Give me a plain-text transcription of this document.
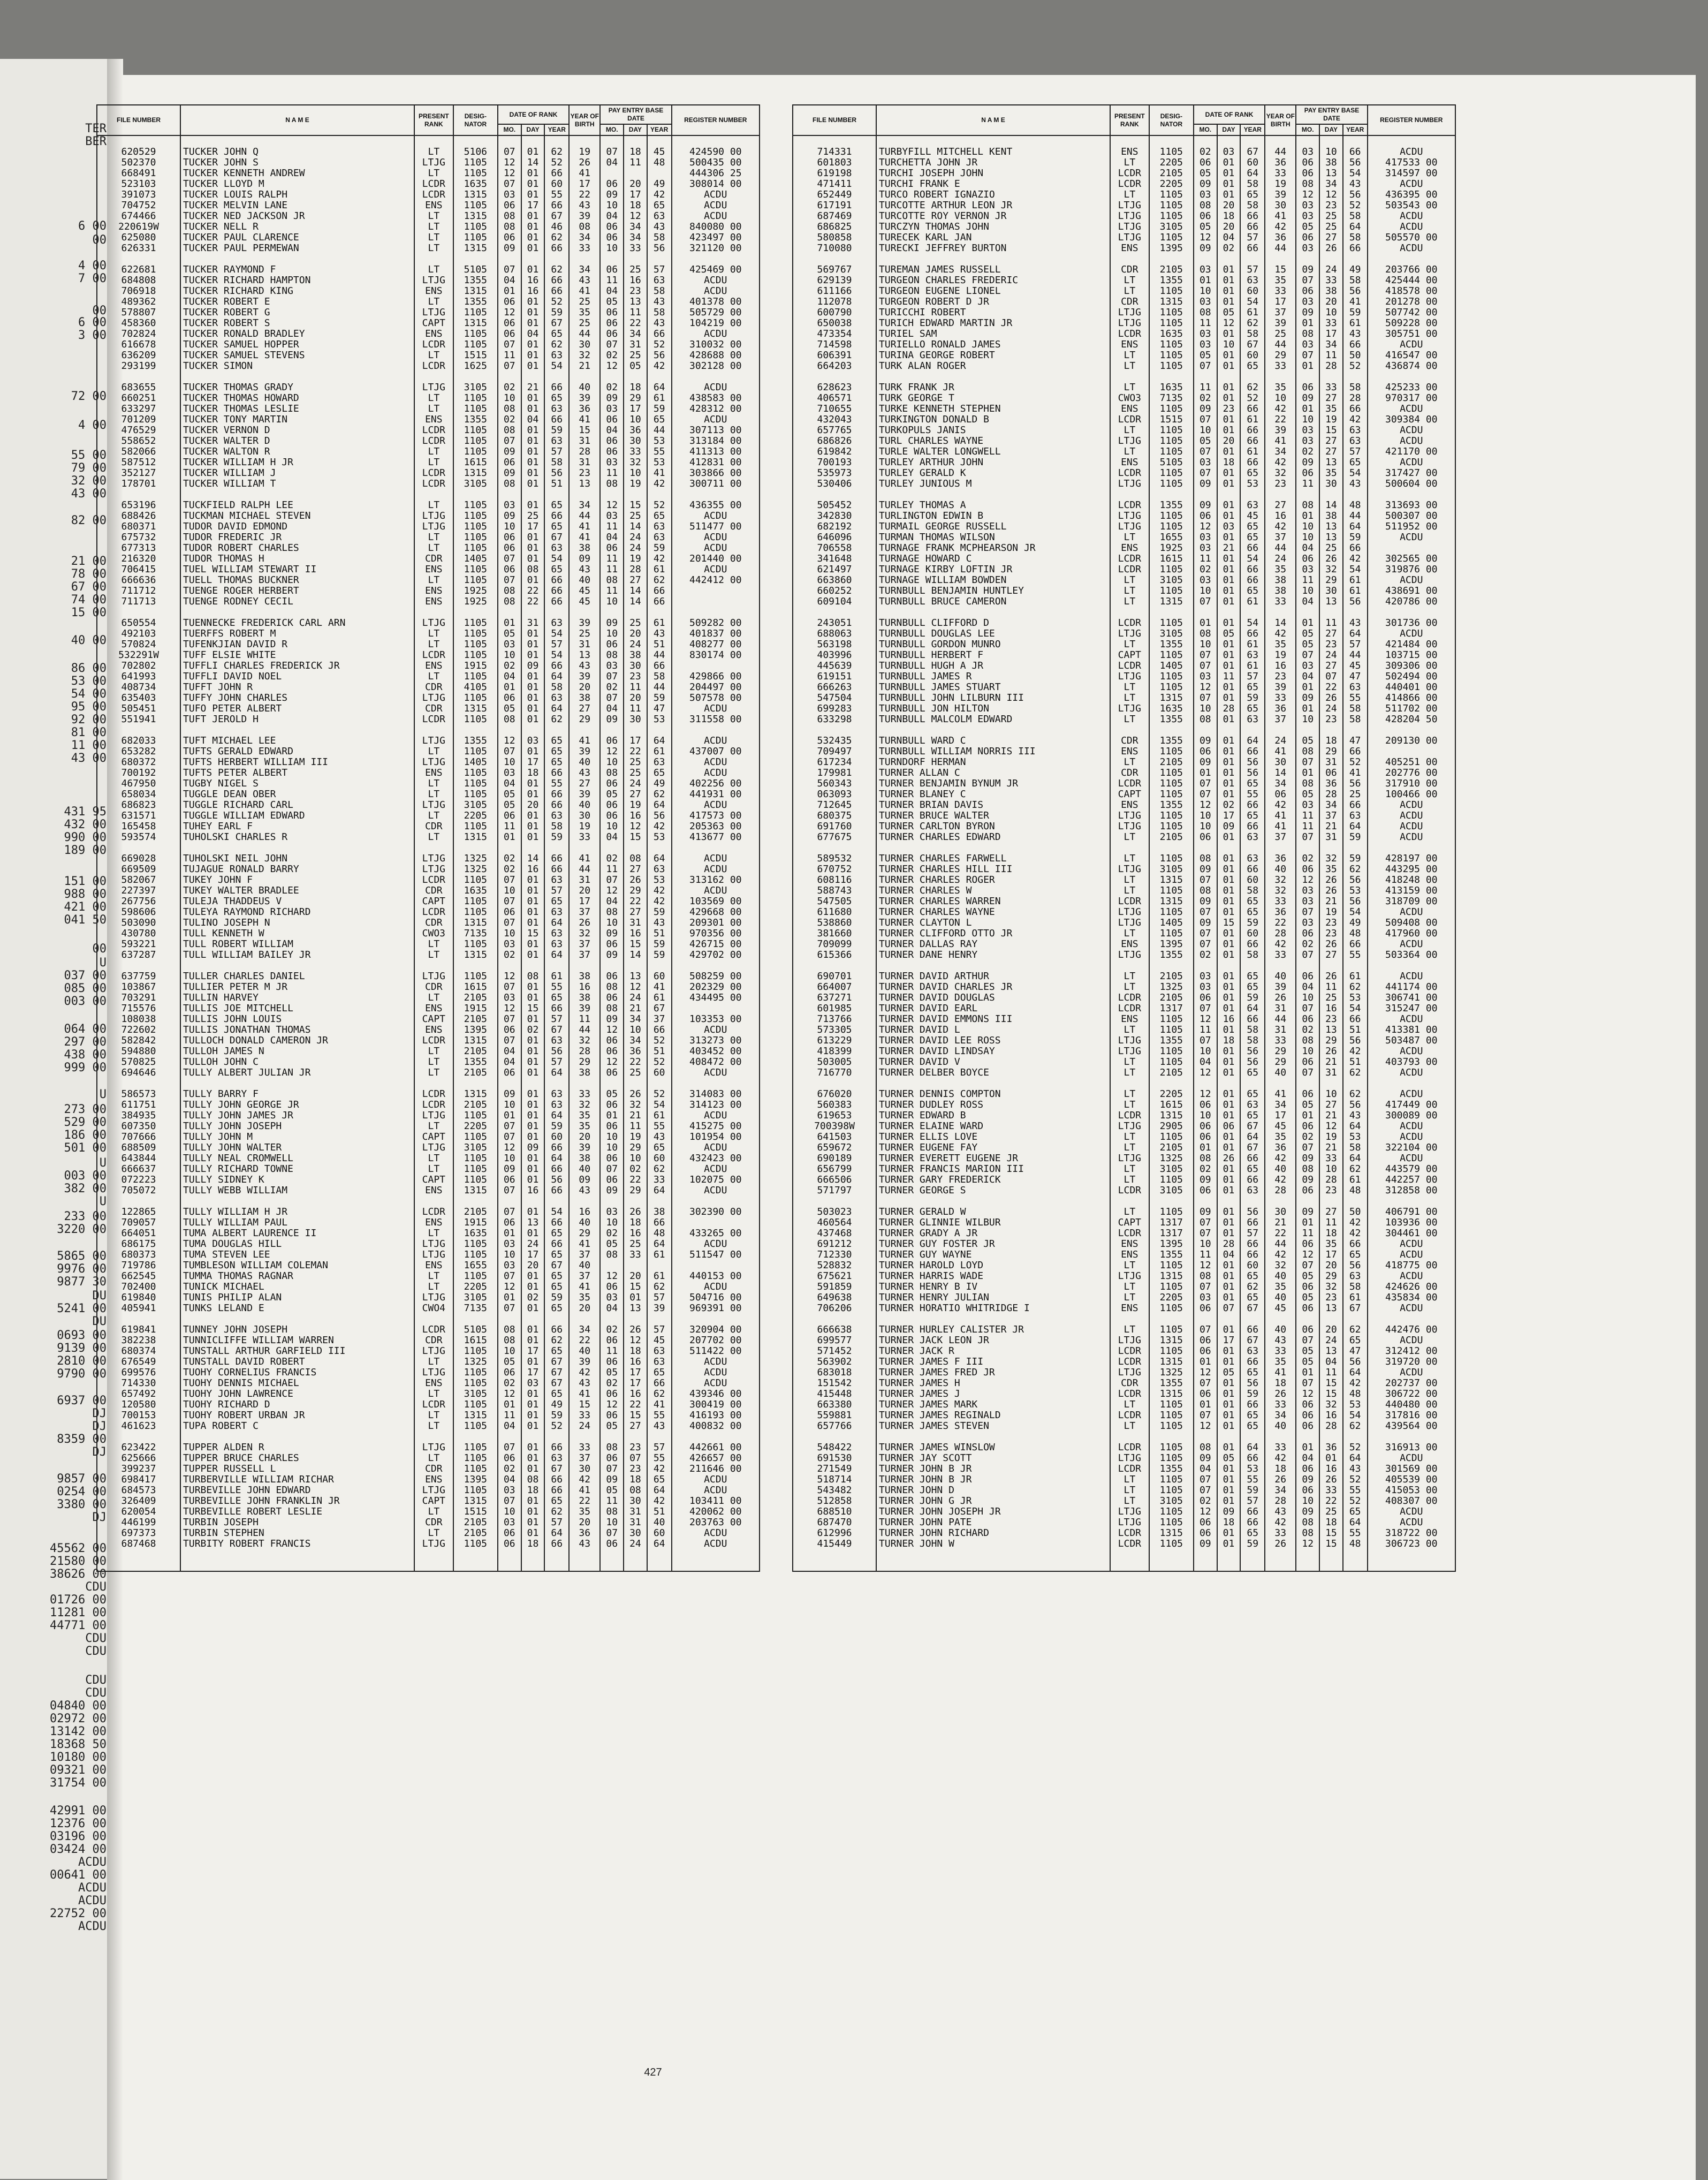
TER
BER
6 00
00
4 00
7 00
00
6 00
3 00
72 00
4 00
55 00
79 00
32 00
43 00
82 00
21 00
78 00
67 00
74 00
15 00
40 00
86 00
53 00
54 00
95 00
92 00
81 00
11 00
43 00
431 95
432 00
990 00
189 00
151 00
988 00
421 00
041 50
00
U
037 00
085 00
003 00
064 00
297 00
438 00
999 00
U
273 00
529 00
186 00
501 00
U
003 00
382 00
U
233 00
3220 00
5865 00
9976 00
9877 30
DU
5241 00
DU
0693 00
9139 00
2810 00
9790 00
6937 00
DJ
DJ
8359 00
DJ
9857 00
0254 00
3380 00
DJ
45562 00
21580 00
38626 00
CDU
01726 00
11281 00
44771 00
CDU
CDU
CDU
CDU
04840 00
02972 00
13142 00
18368 50
10180 00
09321 00
31754 00
42991 00
12376 00
03196 00
03424 00
ACDU
00641 00
ACDU
ACDU
22752 00
ACDU
FILE NUMBER	N A M E	PRESENT RANK	DESIG- NATOR	DATE OF RANK			YEAR OF BIRTH	PAY ENTRY BASE DATE			REGISTER NUMBER
				MO.	DAY	YEAR		MO.	DAY	YEAR	

620529	TUCKER JOHN Q	LT	5106	07	01	62	19	07	18	45	424590 00
502370	TUCKER JOHN S	LTJG	1105	12	14	52	26	04	11	48	500435 00
668491	TUCKER KENNETH ANDREW	LT	1105	12	01	66	41				444306 25
523103	TUCKER LLOYD M	LCDR	1635	07	01	60	17	06	20	49	308014 00
391073	TUCKER LOUIS RALPH	LCDR	1315	03	01	55	22	09	17	42	ACDU
704752	TUCKER MELVIN LANE	ENS	1105	06	17	66	43	10	18	65	ACDU
674466	TUCKER NED JACKSON JR	LT	1315	08	01	67	39	04	12	63	ACDU
220619W	TUCKER NELL R	LT	1105	08	01	46	08	06	34	43	840080 00
625080	TUCKER PAUL CLARENCE	LT	1105	06	01	62	34	06	34	58	423497 00
626331	TUCKER PAUL PERMEWAN	LT	1315	09	01	66	33	10	33	56	321120 00

622681	TUCKER RAYMOND F	LT	5105	07	01	62	34	06	25	57	425469 00
684808	TUCKER RICHARD HAMPTON	LTJG	1355	04	16	66	43	11	16	63	ACDU
706918	TUCKER RICHARD KING	ENS	1315	01	16	66	41	04	23	58	ACDU
489362	TUCKER ROBERT E	LT	1355	06	01	52	25	05	13	43	401378 00
578807	TUCKER ROBERT G	LTJG	1105	12	01	59	35	06	11	58	505729 00
458360	TUCKER ROBERT S	CAPT	1315	06	01	67	25	06	22	43	104219 00
702824	TUCKER RONALD BRADLEY	ENS	1105	06	04	65	44	06	34	66	ACDU
616678	TUCKER SAMUEL HOPPER	LCDR	1105	07	01	62	30	07	31	52	310032 00
636209	TUCKER SAMUEL STEVENS	LT	1515	11	01	63	32	02	25	56	428688 00
293199	TUCKER SIMON	LCDR	1625	07	01	54	21	12	05	42	302128 00

683655	TUCKER THOMAS GRADY	LTJG	3105	02	21	66	40	02	18	64	ACDU
660251	TUCKER THOMAS HOWARD	LT	1105	10	01	65	39	09	29	61	438583 00
633297	TUCKER THOMAS LESLIE	LT	1105	08	01	63	36	03	17	59	428312 00
701209	TUCKER TONY MARTIN	ENS	1355	02	04	66	41	06	10	65	ACDU
476529	TUCKER VERNON D	LCDR	1105	08	01	59	15	04	36	44	307113 00
558652	TUCKER WALTER D	LCDR	1105	07	01	63	31	06	30	53	313184 00
582066	TUCKER WALTON R	LT	1105	09	01	57	28	06	33	55	411313 00
587512	TUCKER WILLIAM H JR	LT	1615	06	01	58	31	03	32	53	412831 00
352127	TUCKER WILLIAM J	LCDR	1315	09	01	56	23	11	10	41	303866 00
178701	TUCKER WILLIAM T	LCDR	3105	08	01	51	13	08	19	42	300711 00

653196	TUCKFIELD RALPH LEE	LT	1105	03	01	65	34	12	15	52	436355 00
688426	TUCKMAN MICHAEL STEVEN	LTJG	1105	09	25	66	44	03	25	65	ACDU
680371	TUDOR DAVID EDMOND	LTJG	1105	10	17	65	41	11	14	63	511477 00
675732	TUDOR FREDERIC JR	LT	1105	06	01	67	41	04	24	63	ACDU
677313	TUDOR ROBERT CHARLES	LT	1105	06	01	63	38	06	24	59	ACDU
216320	TUDOR THOMAS H	CDR	1405	07	01	54	09	11	19	42	201440 00
706415	TUEL WILLIAM STEWART II	ENS	1105	06	08	65	43	11	28	61	ACDU
666636	TUELL THOMAS BUCKNER	LT	1105	07	01	66	40	08	27	62	442412 00
711712	TUENGE ROGER HERBERT	ENS	1925	08	22	66	45	11	14	66	
711713	TUENGE RODNEY CECIL	ENS	1925	08	22	66	45	10	14	66	

650554	TUENNECKE FREDERICK CARL ARN	LTJG	1105	01	31	63	39	09	25	61	509282 00
492103	TUERFFS ROBERT M	LT	1105	05	01	54	25	10	20	43	401837 00
570824	TUFENKJIAN DAVID R	LT	1105	03	01	57	31	06	24	51	408277 00
532291W	TUFF ELSIE WHITE	LCDR	1105	10	01	54	13	08	38	44	830174 00
702802	TUFFLI CHARLES FREDERICK JR	ENS	1915	02	09	66	43	03	30	66	
641993	TUFFLI DAVID NOEL	LT	1105	04	01	64	39	07	23	58	429866 00
408734	TUFFT JOHN R	CDR	4105	01	01	58	20	02	11	44	204497 00
635403	TUFFY JOHN CHARLES	LTJG	1105	06	01	63	38	07	20	59	507578 00
505451	TUFO PETER ALBERT	CDR	1315	05	01	64	27	04	11	47	ACDU
551941	TUFT JEROLD H	LCDR	1105	08	01	62	29	09	30	53	311558 00

682033	TUFT MICHAEL LEE	LTJG	1355	12	03	65	41	06	17	64	ACDU
653282	TUFTS GERALD EDWARD	LT	1105	07	01	65	39	12	22	61	437007 00
680372	TUFTS HERBERT WILLIAM III	LTJG	1405	10	17	65	40	10	25	63	ACDU
700192	TUFTS PETER ALBERT	ENS	1105	03	18	66	43	08	25	65	ACDU
467950	TUGBY NIGEL S	LT	1105	04	01	55	27	06	24	49	402256 00
658034	TUGGLE DEAN OBER	LT	1105	05	01	66	39	05	27	62	441931 00
686823	TUGGLE RICHARD CARL	LTJG	3105	05	20	66	40	06	19	64	ACDU
631571	TUGGLE WILLIAM EDWARD	LT	2205	06	01	63	30	06	16	56	417573 00
165458	TUHEY EARL F	CDR	1105	11	01	58	19	10	12	42	205363 00
593574	TUHOLSKI CHARLES R	LT	1315	01	01	59	33	04	15	53	413677 00

669028	TUHOLSKI NEIL JOHN	LTJG	1325	02	14	66	41	02	08	64	ACDU
669509	TUJAGUE RONALD BARRY	LTJG	1325	02	16	66	44	11	27	63	ACDU
582067	TUKEY JOHN F	LCDR	1105	07	01	63	31	07	26	53	313162 00
227397	TUKEY WALTER BRADLEE	CDR	1635	10	01	57	20	12	29	42	ACDU
267756	TULEJA THADDEUS V	CAPT	1105	07	01	65	17	04	22	42	103569 00
598606	TULEYA RAYMOND RICHARD	LCDR	1105	06	01	63	37	08	27	59	429668 00
503090	TULINO JOSEPH N	CDR	1315	07	01	64	26	10	31	43	209301 00
430780	TULL KENNETH W	CWO3	7135	10	15	63	32	09	16	51	970356 00
593221	TULL ROBERT WILLIAM	LT	1105	03	01	63	37	06	15	59	426715 00
637287	TULL WILLIAM BAILEY JR	LT	1315	02	01	64	37	09	14	59	429702 00

637759	TULLER CHARLES DANIEL	LTJG	1105	12	08	61	38	06	13	60	508259 00
103867	TULLIER PETER M JR	CDR	1615	07	01	55	16	08	12	41	202329 00
703291	TULLIN HARVEY	LT	2105	03	01	65	38	06	24	61	434495 00
715576	TULLIS JOE MITCHELL	ENS	1915	12	15	66	39	08	21	67	
108038	TULLIS JOHN LOUIS	CAPT	2105	07	01	57	11	09	34	37	103353 00
722602	TULLIS JONATHAN THOMAS	ENS	1395	06	02	67	44	12	10	66	ACDU
582842	TULLOCH DONALD CAMERON JR	LCDR	1315	07	01	63	32	06	34	52	313273 00
594880	TULLOH JAMES N	LT	2105	04	01	56	28	06	36	51	403452 00
570825	TULLOH JOHN C	LT	1355	04	01	57	29	12	22	52	408472 00
694646	TULLY ALBERT JULIAN JR	LT	2105	06	01	64	38	06	25	60	ACDU

586573	TULLY BARRY F	LCDR	1315	09	01	63	33	05	26	52	314083 00
611751	TULLY JOHN GEORGE JR	LCDR	2105	10	01	63	32	06	32	54	314123 00
384935	TULLY JOHN JAMES JR	LTJG	1105	01	01	64	35	01	21	61	ACDU
607350	TULLY JOHN JOSEPH	LT	2205	07	01	59	35	06	11	55	415275 00
707666	TULLY JOHN M	CAPT	1105	07	01	60	20	10	19	43	101954 00
688509	TULLY JOHN WALTER	LTJG	3105	12	09	66	39	10	29	65	ACDU
643844	TULLY NEAL CROMWELL	LT	1105	10	01	64	38	06	10	60	432423 00
666637	TULLY RICHARD TOWNE	LT	1105	09	01	66	40	07	02	62	ACDU
072223	TULLY SIDNEY K	CAPT	1105	06	01	56	09	06	22	33	102075 00
705072	TULLY WEBB WILLIAM	ENS	1315	07	16	66	43	09	29	64	ACDU

122865	TULLY WILLIAM H JR	LCDR	2105	07	01	54	16	03	26	38	302390 00
709057	TULLY WILLIAM PAUL	ENS	1915	06	13	66	40	10	18	66	
664051	TUMA ALBERT LAURENCE II	LT	1635	01	01	65	29	02	16	48	433265 00
686175	TUMA DOUGLAS HILL	LTJG	1105	03	24	66	41	05	25	64	ACDU
680373	TUMA STEVEN LEE	LTJG	1105	10	17	65	37	08	33	61	511547 00
719786	TUMBLESON WILLIAM COLEMAN	ENS	1655	03	20	67	40				
662545	TUMMA THOMAS RAGNAR	LT	1105	07	01	65	37	12	20	61	440153 00
702400	TUNICK MICHAEL	LT	2205	12	01	65	41	06	15	62	ACDU
619840	TUNIS PHILIP ALAN	LTJG	3105	01	02	59	35	03	01	57	504716 00
405941	TUNKS LELAND E	CWO4	7135	07	01	65	20	04	13	39	969391 00

619841	TUNNEY JOHN JOSEPH	LCDR	5105	08	01	66	34	02	26	57	320904 00
382238	TUNNICLIFFE WILLIAM WARREN	CDR	1615	08	01	62	22	06	12	45	207702 00
680374	TUNSTALL ARTHUR GARFIELD III	LTJG	1105	10	17	65	40	11	18	63	511422 00
676549	TUNSTALL DAVID ROBERT	LT	1325	05	01	67	39	06	16	63	ACDU
699576	TUOHY CORNELIUS FRANCIS	LTJG	1105	06	17	67	42	05	17	65	ACDU
714330	TUOHY DENNIS MICHAEL	ENS	1105	02	03	67	43	02	17	66	ACDU
657492	TUOHY JOHN LAWRENCE	LT	3105	12	01	65	41	06	16	62	439346 00
120580	TUOHY RICHARD D	LCDR	1105	01	01	49	15	12	22	41	300419 00
700153	TUOHY ROBERT URBAN JR	LT	1315	11	01	59	33	06	15	55	416193 00
461623	TUPA ROBERT C	LT	1105	04	01	52	24	05	27	43	400832 00

623422	TUPPER ALDEN R	LTJG	1105	07	01	66	33	08	23	57	442661 00
625666	TUPPER BRUCE CHARLES	LT	1105	06	01	63	37	06	07	55	426657 00
399237	TUPPER RUSSELL L	CDR	1105	02	01	67	30	07	23	42	211646 00
698417	TURBERVILLE WILLIAM RICHAR	ENS	1395	04	08	66	42	09	18	65	ACDU
684573	TURBEVILLE JOHN EDWARD	LTJG	1105	03	18	66	41	05	08	64	ACDU
326409	TURBEVILLE JOHN FRANKLIN JR	CAPT	1315	07	01	65	22	11	30	42	103411 00
620054	TURBEVILLE ROBERT LESLIE	LT	1515	10	01	62	35	08	31	51	420062 00
446199	TURBIN JOSEPH	CDR	2105	03	01	57	20	10	31	40	203763 00
697373	TURBIN STEPHEN	LT	2105	06	01	64	36	07	30	60	ACDU
687468	TURBITY ROBERT FRANCIS	LTJG	1105	06	18	66	43	06	24	64	ACDU

FILE NUMBER	N A M E	PRESENT RANK	DESIG- NATOR	DATE OF RANK			YEAR OF BIRTH	PAY ENTRY BASE DATE			REGISTER NUMBER
				MO.	DAY	YEAR		MO.	DAY	YEAR	

714331	TURBYFILL MITCHELL KENT	ENS	1105	02	03	67	44	03	10	66	ACDU
601803	TURCHETTA JOHN JR	LT	2205	06	01	60	36	06	38	56	417533 00
619198	TURCHI JOSEPH JOHN	LCDR	2105	05	01	64	33	06	13	54	314597 00
471411	TURCHI FRANK E	LCDR	2205	09	01	58	19	08	34	43	ACDU
652449	TURCO ROBERT IGNAZIO	LT	1105	03	01	65	39	12	12	56	436395 00
617191	TURCOTTE ARTHUR LEON JR	LTJG	1105	08	20	58	30	03	23	52	503543 00
687469	TURCOTTE ROY VERNON JR	LTJG	1105	06	18	66	41	03	25	58	ACDU
686825	TURCZYN THOMAS JOHN	LTJG	3105	05	20	66	42	05	25	64	ACDU
580858	TURECEK KARL JAN	LTJG	1105	12	04	57	36	06	27	58	505570 00
710080	TURECKI JEFFREY BURTON	ENS	1395	09	02	66	44	03	26	66	ACDU

569767	TUREMAN JAMES RUSSELL	CDR	2105	03	01	57	15	09	24	49	203766 00
629139	TURGEON CHARLES FREDERIC	LT	1355	01	01	63	35	07	33	58	425444 00
611166	TURGEON EUGENE LIONEL	LT	1105	10	01	60	33	06	38	56	418578 00
112078	TURGEON ROBERT D JR	CDR	1315	03	01	54	17	03	20	41	201278 00
600790	TURICCHI ROBERT	LTJG	1105	08	05	61	37	09	10	59	507742 00
650038	TURICH EDWARD MARTIN JR	LTJG	1105	11	12	62	39	01	33	61	509228 00
473354	TURIEL SAM	LCDR	1635	03	01	58	25	08	17	43	305751 00
714598	TURIELLO RONALD JAMES	ENS	1105	03	10	67	44	03	34	66	ACDU
606391	TURINA GEORGE ROBERT	LT	1105	05	01	60	29	07	11	50	416547 00
664203	TURK ALAN ROGER	LT	1105	07	01	65	33	01	28	52	436874 00

628623	TURK FRANK JR	LT	1635	11	01	62	35	06	33	58	425233 00
406571	TURK GEORGE T	CWO3	7135	02	01	52	10	09	27	28	970317 00
710655	TURKE KENNETH STEPHEN	ENS	1105	09	23	66	42	01	35	66	ACDU
432043	TURKINGTON DONALD B	LCDR	1515	07	01	61	22	10	19	42	309384 00
657765	TURKOPULS JANIS	LT	1105	10	01	66	39	03	15	63	ACDU
686826	TURL CHARLES WAYNE	LTJG	1105	05	20	66	41	03	27	63	ACDU
619842	TURLE WALTER LONGWELL	LT	1105	07	01	61	34	02	27	57	421170 00
700193	TURLEY ARTHUR JOHN	ENS	5105	03	18	66	42	09	13	65	ACDU
535973	TURLEY GERALD K	LCDR	1105	07	01	65	32	06	35	54	317427 00
530406	TURLEY JUNIOUS M	LTJG	1105	09	01	53	23	11	30	43	500604 00

505452	TURLEY THOMAS A	LCDR	1355	09	01	63	27	08	14	48	313693 00
342830	TURLINGTON EDWIN B	LTJG	1105	06	01	45	16	01	38	44	500307 00
682192	TURMAIL GEORGE RUSSELL	LTJG	1105	12	03	65	42	10	13	64	511952 00
646096	TURMAN THOMAS WILSON	LT	1655	03	01	65	37	10	13	59	ACDU
706558	TURNAGE FRANK MCPHEARSON JR	ENS	1925	03	21	66	44	04	25	66	
341648	TURNAGE HOWARD C	LCDR	1615	11	01	54	24	06	26	42	302565 00
621497	TURNAGE KIRBY LOFTIN JR	LCDR	1105	02	01	66	35	03	32	54	319876 00
663860	TURNAGE WILLIAM BOWDEN	LT	3105	03	01	66	38	11	29	61	ACDU
660252	TURNBULL BENJAMIN HUNTLEY	LT	1105	10	01	65	38	10	30	61	438691 00
609104	TURNBULL BRUCE CAMERON	LT	1315	07	01	61	33	04	13	56	420786 00

243051	TURNBULL CLIFFORD D	LCDR	1105	01	01	54	14	01	11	43	301736 00
688063	TURNBULL DOUGLAS LEE	LTJG	3105	08	05	66	42	05	27	64	ACDU
563198	TURNBULL GORDON MUNRO	LT	1355	10	01	61	35	05	23	57	421484 00
403996	TURNBULL HERBERT F	CAPT	1105	07	01	63	19	07	24	44	103715 00
445639	TURNBULL HUGH A JR	LCDR	1405	07	01	61	16	03	27	45	309306 00
619151	TURNBULL JAMES R	LTJG	1105	03	11	57	23	04	07	47	502494 00
666263	TURNBULL JAMES STUART	LT	1105	12	01	65	39	01	22	63	440401 00
547504	TURNBULL JOHN LILBURN III	LT	1315	07	01	59	33	09	26	55	414866 00
699283	TURNBULL JON HILTON	LTJG	1635	10	28	65	36	01	24	58	511702 00
633298	TURNBULL MALCOLM EDWARD	LT	1355	08	01	63	37	10	23	58	428204 50

532435	TURNBULL WARD C	CDR	1355	09	01	64	24	05	18	47	209130 00
709497	TURNBULL WILLIAM NORRIS III	ENS	1105	06	01	66	41	08	29	66	
617234	TURNDORF HERMAN	LT	2105	09	01	56	30	07	31	52	405251 00
179981	TURNER ALLAN C	CDR	1105	01	01	56	14	01	06	41	202776 00
560343	TURNER BENJAMIN BYNUM JR	LCDR	1105	07	01	65	34	08	36	56	317910 00
063093	TURNER BLANEY C	CAPT	1105	07	01	55	06	05	28	25	100466 00
712645	TURNER BRIAN DAVIS	ENS	1355	12	02	66	42	03	34	66	ACDU
680375	TURNER BRUCE WALTER	LTJG	1105	10	17	65	41	11	37	63	ACDU
691760	TURNER CARLTON BYRON	LTJG	1105	10	09	66	41	11	21	64	ACDU
677675	TURNER CHARLES EDWARD	LT	2105	06	01	63	37	07	31	59	ACDU

589532	TURNER CHARLES FARWELL	LT	1105	08	01	63	36	02	32	59	428197 00
670752	TURNER CHARLES HILL III	LTJG	3105	09	01	66	40	06	35	62	443295 00
608116	TURNER CHARLES ROGER	LT	1315	07	01	60	32	12	26	56	418248 00
588743	TURNER CHARLES W	LT	1105	08	01	58	32	03	26	53	413159 00
547505	TURNER CHARLES WARREN	LCDR	1315	09	01	65	33	03	21	56	318709 00
611680	TURNER CHARLES WAYNE	LTJG	1105	07	01	65	36	07	19	54	ACDU
538860	TURNER CLAYTON L	LTJG	1405	09	15	59	22	03	23	49	509408 00
381660	TURNER CLIFFORD OTTO JR	LT	1105	07	01	60	28	06	23	48	417960 00
709099	TURNER DALLAS RAY	ENS	1395	07	01	66	42	02	26	66	ACDU
615366	TURNER DANE HENRY	LTJG	1355	02	01	58	33	07	27	55	503364 00

690701	TURNER DAVID ARTHUR	LT	2105	03	01	65	40	06	26	61	ACDU
664007	TURNER DAVID CHARLES JR	LT	1325	03	01	65	39	04	11	62	441174 00
637271	TURNER DAVID DOUGLAS	LCDR	2105	06	01	59	26	10	25	53	306741 00
601985	TURNER DAVID EARL	LCDR	1317	07	01	64	31	07	16	54	315247 00
713766	TURNER DAVID EMMONS III	ENS	1105	12	16	66	44	06	23	66	ACDU
573305	TURNER DAVID L	LT	1105	11	01	58	31	02	13	51	413381 00
613229	TURNER DAVID LEE ROSS	LTJG	1355	07	18	58	33	08	29	56	503487 00
418399	TURNER DAVID LINDSAY	LTJG	1105	10	01	56	29	10	26	42	ACDU
503005	TURNER DAVID V	LT	1105	04	01	56	29	06	21	51	403793 00
716770	TURNER DELBER BOYCE	LT	2105	12	01	65	40	07	31	62	ACDU

676020	TURNER DENNIS COMPTON	LT	2205	12	01	65	41	06	10	62	ACDU
560383	TURNER DUDLEY ROSS	LT	1615	06	01	63	34	05	27	56	417449 00
619653	TURNER EDWARD B	LCDR	1315	10	01	65	17	01	21	43	300089 00
700398W	TURNER ELAINE WARD	LTJG	2905	06	06	67	45	06	12	64	ACDU
641503	TURNER ELLIS LOVE	LT	1105	06	01	64	35	02	19	53	ACDU
659672	TURNER EUGENE FAY	LT	2105	01	01	67	36	07	21	58	322104 00
690189	TURNER EVERETT EUGENE JR	LTJG	1325	08	26	66	42	09	33	64	ACDU
656799	TURNER FRANCIS MARION III	LT	3105	02	01	65	40	08	10	62	443579 00
666506	TURNER GARY FREDERICK	LT	1105	09	01	66	42	09	28	61	442257 00
571797	TURNER GEORGE S	LCDR	3105	06	01	63	28	06	23	48	312858 00

503023	TURNER GERALD W	LT	1105	09	01	56	30	09	27	50	406791 00
460564	TURNER GLINNIE WILBUR	CAPT	1317	07	01	66	21	01	11	42	103936 00
437468	TURNER GRADY A JR	LCDR	1317	07	01	57	22	11	18	42	304461 00
691212	TURNER GUY FOSTER JR	ENS	1395	10	28	66	44	06	35	66	ACDU
712330	TURNER GUY WAYNE	ENS	1355	11	04	66	42	12	17	65	ACDU
528832	TURNER HAROLD LOYD	LT	1105	12	01	60	32	07	20	56	418775 00
675621	TURNER HARRIS WADE	LTJG	1315	08	01	65	40	05	29	63	ACDU
591859	TURNER HENRY B IV	LT	1105	07	01	62	35	06	32	58	424626 00
649638	TURNER HENRY JULIAN	LT	2205	03	01	65	40	05	23	61	435834 00
706206	TURNER HORATIO WHITRIDGE I	ENS	1105	06	07	67	45	06	13	67	ACDU

666638	TURNER HURLEY CALISTER JR	LT	1105	07	01	66	40	06	20	62	442476 00
699577	TURNER JACK LEON JR	LTJG	1315	06	17	67	43	07	24	65	ACDU
571452	TURNER JACK R	LCDR	1105	06	01	63	33	05	13	47	312412 00
563902	TURNER JAMES F III	LCDR	1315	01	01	66	35	05	04	56	319720 00
683018	TURNER JAMES FRED JR	LTJG	1325	12	05	65	41	01	11	64	ACDU
151542	TURNER JAMES H	CDR	1355	07	01	56	18	07	15	42	202737 00
415448	TURNER JAMES J	LCDR	1315	06	01	59	26	12	15	48	306722 00
663380	TURNER JAMES MARK	LT	1105	01	01	66	33	06	32	53	440480 00
559881	TURNER JAMES REGINALD	LCDR	1105	07	01	65	34	06	16	54	317816 00
657766	TURNER JAMES STEVEN	LT	1105	12	01	65	40	06	28	62	439564 00

548422	TURNER JAMES WINSLOW	LCDR	1105	08	01	64	33	01	36	52	316913 00
691530	TURNER JAY SCOTT	LTJG	1105	09	05	66	42	04	01	64	ACDU
271549	TURNER JOHN B JR	LCDR	1355	04	01	53	18	06	16	43	301569 00
518714	TURNER JOHN B JR	LT	1105	07	01	55	26	09	26	52	405539 00
543482	TURNER JOHN D	LT	1105	07	01	59	34	06	33	55	415053 00
512858	TURNER JOHN G JR	LT	3105	02	01	57	28	10	22	52	408307 00
688510	TURNER JOHN JOSEPH JR	LTJG	1105	12	09	66	43	09	25	65	ACDU
687470	TURNER JOHN PATE	LTJG	1105	06	18	66	42	08	18	64	ACDU
612996	TURNER JOHN RICHARD	LCDR	1315	06	01	65	33	08	15	55	318722 00
415449	TURNER JOHN W	LCDR	1105	09	01	59	26	12	15	48	306723 00

427
